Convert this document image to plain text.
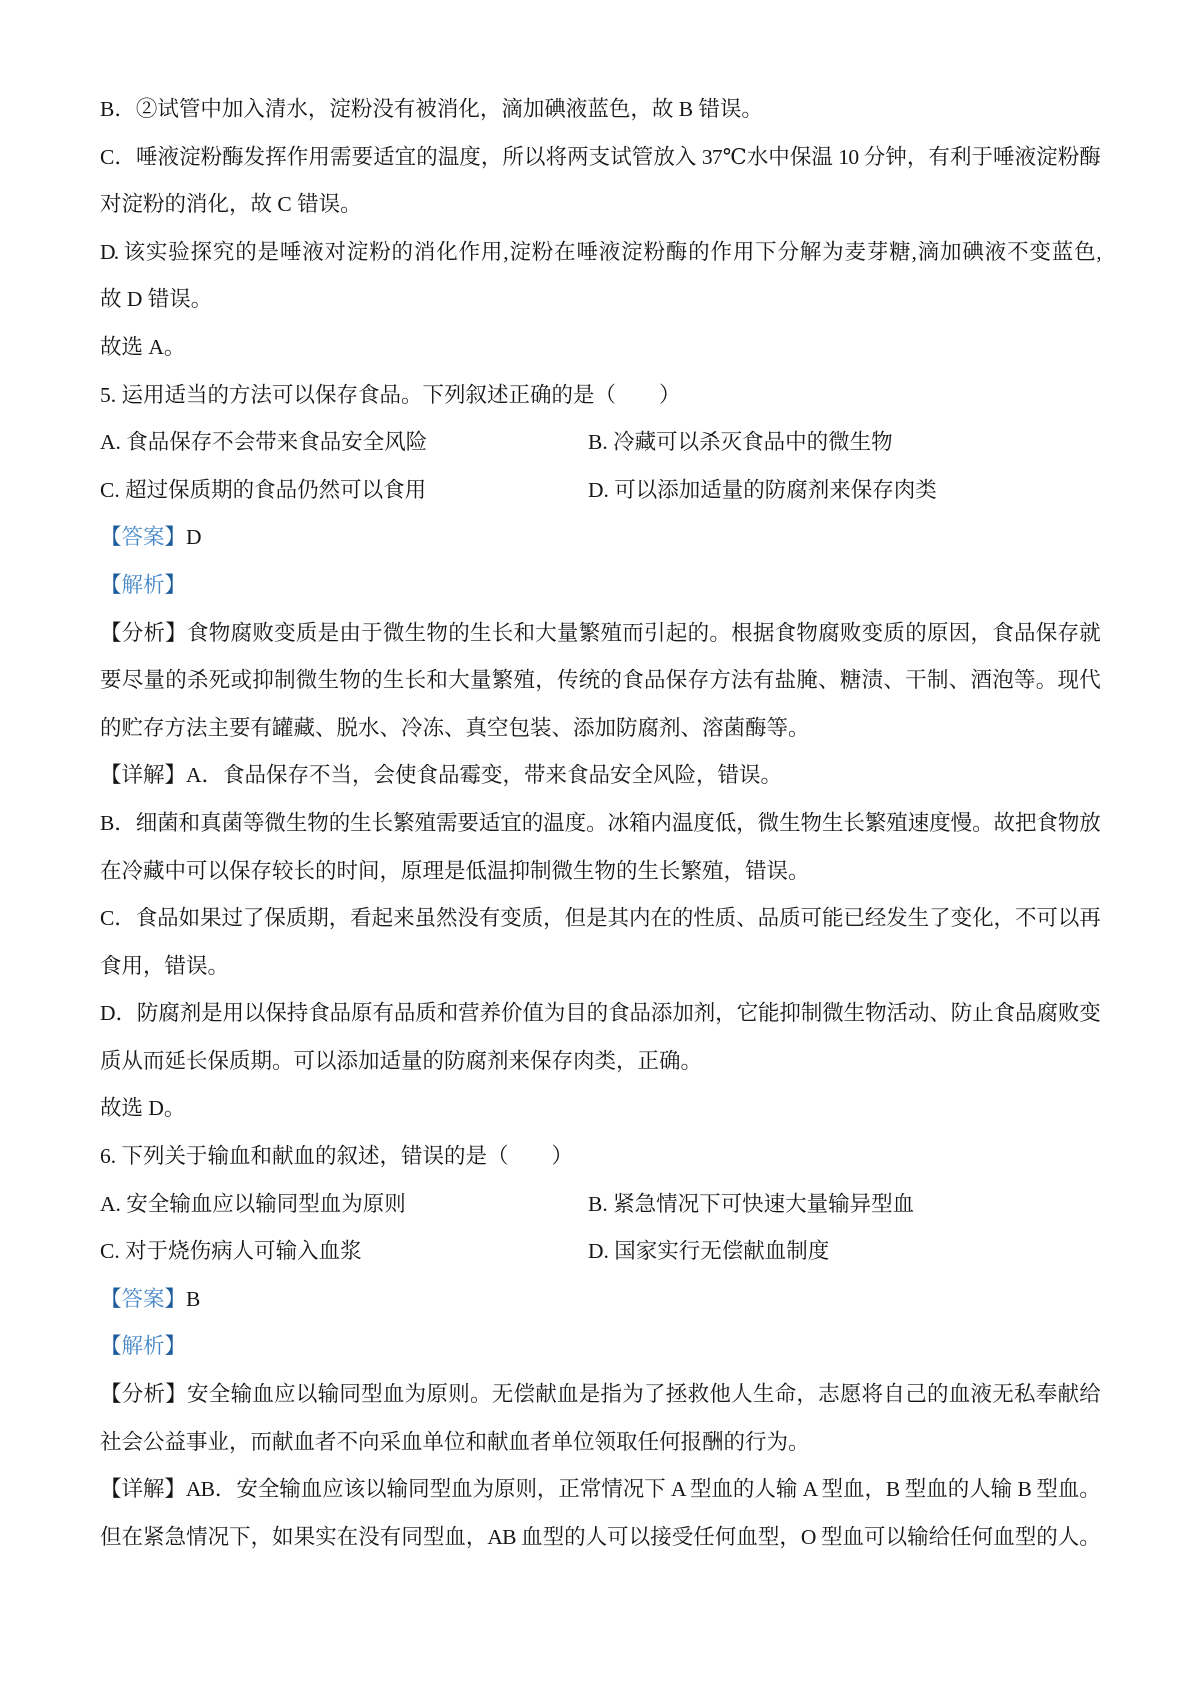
B．②试管中加入清水，淀粉没有被消化，滴加碘液蓝色，故 B 错误。
C．唾液淀粉酶发挥作用需要适宜的温度，所以将两支试管放入 37℃水中保温 10 分钟，有利于唾液淀粉酶
对淀粉的消化，故 C 错误。
D. 该实验探究的是唾液对淀粉的消化作用,淀粉在唾液淀粉酶的作用下分解为麦芽糖,滴加碘液不变蓝色,
故 D 错误。
故选 A。
5. 运用适当的方法可以保存食品。下列叙述正确的是（　　）
A. 食品保存不会带来食品安全风险	B. 冷藏可以杀灭食品中的微生物
C. 超过保质期的食品仍然可以食用	D. 可以添加适量的防腐剂来保存肉类
【答案】D
【解析】
【分析】食物腐败变质是由于微生物的生长和大量繁殖而引起的。根据食物腐败变质的原因，食品保存就
要尽量的杀死或抑制微生物的生长和大量繁殖，传统的食品保存方法有盐腌、糖渍、干制、酒泡等。现代
的贮存方法主要有罐藏、脱水、冷冻、真空包装、添加防腐剂、溶菌酶等。
【详解】A．食品保存不当，会使食品霉变，带来食品安全风险，错误。
B．细菌和真菌等微生物的生长繁殖需要适宜的温度。冰箱内温度低，微生物生长繁殖速度慢。故把食物放
在冷藏中可以保存较长的时间，原理是低温抑制微生物的生长繁殖，错误。
C．食品如果过了保质期，看起来虽然没有变质，但是其内在的性质、品质可能已经发生了变化，不可以再
食用，错误。
D．防腐剂是用以保持食品原有品质和营养价值为目的食品添加剂，它能抑制微生物活动、防止食品腐败变
质从而延长保质期。可以添加适量的防腐剂来保存肉类，正确。
故选 D。
6. 下列关于输血和献血的叙述，错误的是（　　）
A. 安全输血应以输同型血为原则	B. 紧急情况下可快速大量输异型血
C. 对于烧伤病人可输入血浆	D. 国家实行无偿献血制度
【答案】B
【解析】
【分析】安全输血应以输同型血为原则。无偿献血是指为了拯救他人生命，志愿将自己的血液无私奉献给
社会公益事业，而献血者不向采血单位和献血者单位领取任何报酬的行为。
【详解】AB．安全输血应该以输同型血为原则，正常情况下 A 型血的人输 A 型血，B 型血的人输 B 型血。
但在紧急情况下，如果实在没有同型血，AB 血型的人可以接受任何血型，O 型血可以输给任何血型的人。
